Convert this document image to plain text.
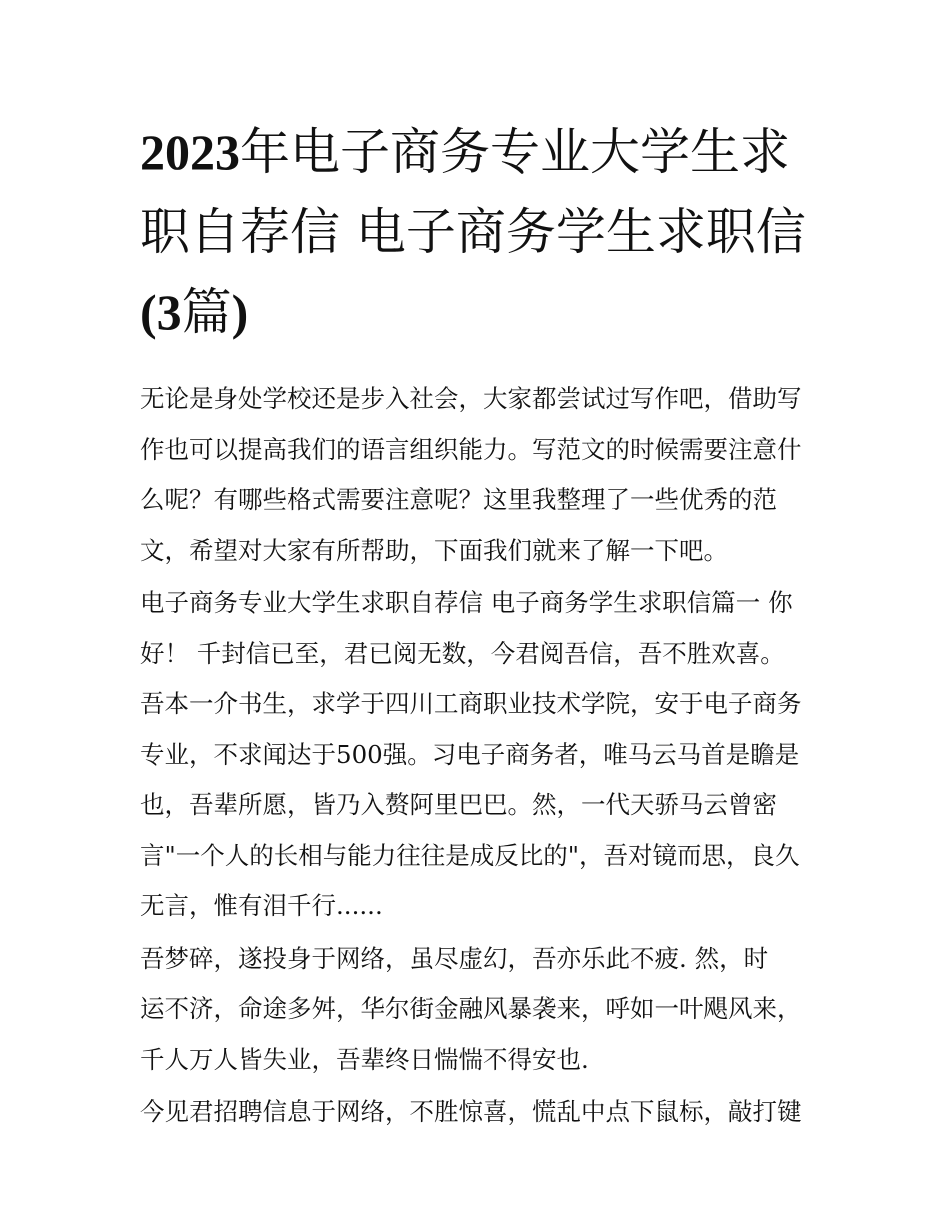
2023年电子商务专业大学生求
职自荐信 电子商务学生求职信
(3篇)
无论是身处学校还是步入社会，大家都尝试过写作吧，借助写
作也可以提高我们的语言组织能力。写范文的时候需要注意什
么呢？有哪些格式需要注意呢？这里我整理了一些优秀的范
文，希望对大家有所帮助，下面我们就来了解一下吧。
电子商务专业大学生求职自荐信 电子商务学生求职信篇一 你
好！ 千封信已至，君已阅无数，今君阅吾信，吾不胜欢喜。
吾本一介书生，求学于四川工商职业技术学院，安于电子商务
专业，不求闻达于500强。习电子商务者，唯马云马首是瞻是
也，吾辈所愿，皆乃入赘阿里巴巴。然，一代天骄马云曾密
言"一个人的长相与能力往往是成反比的"，吾对镜而思，良久
无言，惟有泪千行......
吾梦碎，遂投身于网络，虽尽虚幻，吾亦乐此不疲. 然，时
运不济，命途多舛，华尔街金融风暴袭来，呼如一叶飓风来，
千人万人皆失业，吾辈终日惴惴不得安也.
今见君招聘信息于网络，不胜惊喜，慌乱中点下鼠标，敲打键
